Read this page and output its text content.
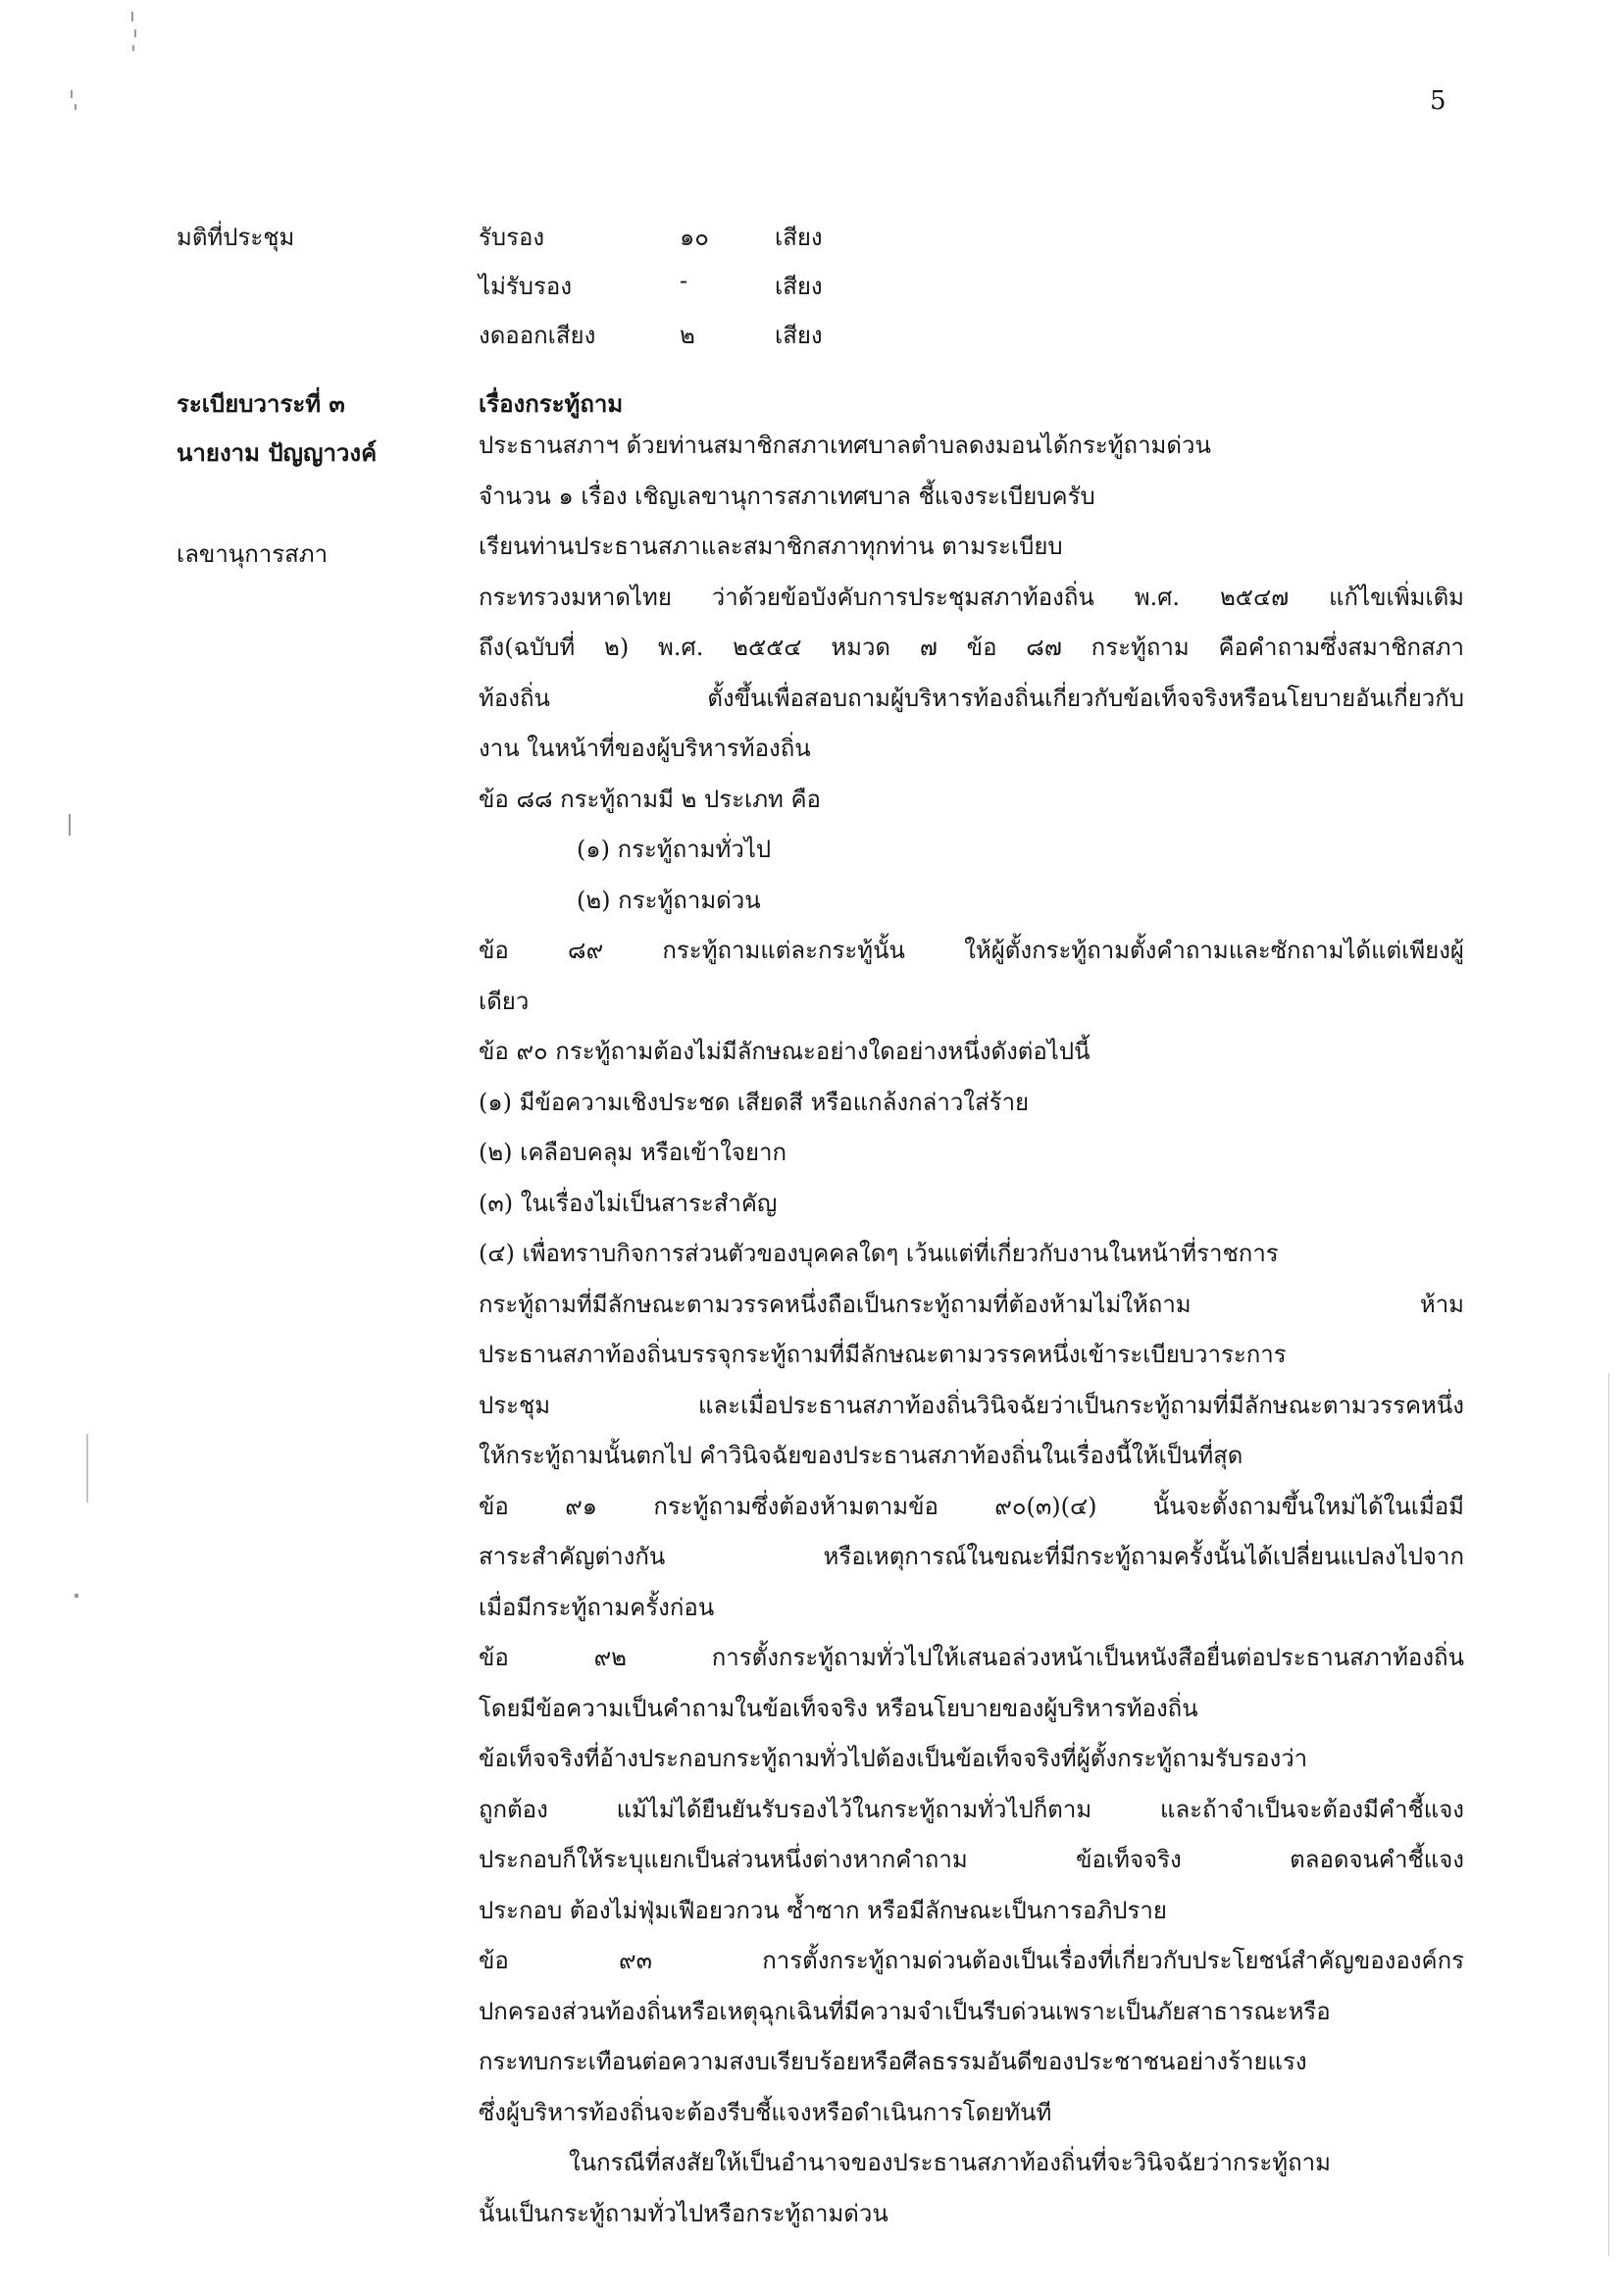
5
มติที่ประชุม	รับรอง	๑๐	เสียง
ไม่รับรอง	-	เสียง
งดออกเสียง	๒	เสียง
ระเบียบวาระที่ ๓	เรื่องกระทู้ถาม
นายงาม ปัญญาวงค์	ประธานสภาฯ ด้วยท่านสมาชิกสภาเทศบาลตำบลดงมอนได้กระทู้ถามด่วน
จำนวน ๑ เรื่อง เชิญเลขานุการสภาเทศบาล ชี้แจงระเบียบครับ
เลขานุการสภา	เรียนท่านประธานสภาและสมาชิกสภาทุกท่าน ตามระเบียบ
กระทรวงมหาดไทย ว่าด้วยข้อบังคับการประชุมสภาท้องถิ่น พ.ศ. ๒๕๔๗ แก้ไขเพิ่มเติม
ถึง(ฉบับที่ ๒) พ.ศ. ๒๕๕๔ หมวด ๗ ข้อ ๘๗ กระทู้ถาม คือคำถามซึ่งสมาชิกสภา
ท้องถิ่น ตั้งขึ้นเพื่อสอบถามผู้บริหารท้องถิ่นเกี่ยวกับข้อเท็จจริงหรือนโยบายอันเกี่ยวกับ
งาน ในหน้าที่ของผู้บริหารท้องถิ่น
ข้อ ๘๘ กระทู้ถามมี ๒ ประเภท คือ
(๑) กระทู้ถามทั่วไป
(๒) กระทู้ถามด่วน
ข้อ ๘๙ กระทู้ถามแต่ละกระทู้นั้น ให้ผู้ตั้งกระทู้ถามตั้งคำถามและซักถามได้แต่เพียงผู้
เดียว
ข้อ ๙๐ กระทู้ถามต้องไม่มีลักษณะอย่างใดอย่างหนึ่งดังต่อไปนี้
(๑) มีข้อความเชิงประชด เสียดสี หรือแกล้งกล่าวใส่ร้าย
(๒) เคลือบคลุม หรือเข้าใจยาก
(๓) ในเรื่องไม่เป็นสาระสำคัญ
(๔) เพื่อทราบกิจการส่วนตัวของบุคคลใดๆ เว้นแต่ที่เกี่ยวกับงานในหน้าที่ราชการ
กระทู้ถามที่มีลักษณะตามวรรคหนึ่งถือเป็นกระทู้ถามที่ต้องห้ามไม่ให้ถาม ห้าม
ประธานสภาท้องถิ่นบรรจุกระทู้ถามที่มีลักษณะตามวรรคหนึ่งเข้าระเบียบวาระการ
ประชุม และเมื่อประธานสภาท้องถิ่นวินิจฉัยว่าเป็นกระทู้ถามที่มีลักษณะตามวรรคหนึ่ง
ให้กระทู้ถามนั้นตกไป คำวินิจฉัยของประธานสภาท้องถิ่นในเรื่องนี้ให้เป็นที่สุด
ข้อ ๙๑ กระทู้ถามซึ่งต้องห้ามตามข้อ ๙๐(๓)(๔) นั้นจะตั้งถามขึ้นใหม่ได้ในเมื่อมี
สาระสำคัญต่างกัน หรือเหตุการณ์ในขณะที่มีกระทู้ถามครั้งนั้นได้เปลี่ยนแปลงไปจาก
เมื่อมีกระทู้ถามครั้งก่อน
ข้อ ๙๒ การตั้งกระทู้ถามทั่วไปให้เสนอล่วงหน้าเป็นหนังสือยื่นต่อประธานสภาท้องถิ่น
โดยมีข้อความเป็นคำถามในข้อเท็จจริง หรือนโยบายของผู้บริหารท้องถิ่น
ข้อเท็จจริงที่อ้างประกอบกระทู้ถามทั่วไปต้องเป็นข้อเท็จจริงที่ผู้ตั้งกระทู้ถามรับรองว่า
ถูกต้อง แม้ไม่ได้ยืนยันรับรองไว้ในกระทู้ถามทั่วไปก็ตาม และถ้าจำเป็นจะต้องมีคำชี้แจง
ประกอบก็ให้ระบุแยกเป็นส่วนหนึ่งต่างหากคำถาม ข้อเท็จจริง ตลอดจนคำชี้แจง
ประกอบ ต้องไม่ฟุ่มเฟือยวกวน ซ้ำซาก หรือมีลักษณะเป็นการอภิปราย
ข้อ ๙๓ การตั้งกระทู้ถามด่วนต้องเป็นเรื่องที่เกี่ยวกับประโยชน์สำคัญขององค์กร
ปกครองส่วนท้องถิ่นหรือเหตุฉุกเฉินที่มีความจำเป็นรีบด่วนเพราะเป็นภัยสาธารณะหรือ
กระทบกระเทือนต่อความสงบเรียบร้อยหรือศีลธรรมอันดีของประชาชนอย่างร้ายแรง
ซึ่งผู้บริหารท้องถิ่นจะต้องรีบชี้แจงหรือดำเนินการโดยทันที
ในกรณีที่สงสัยให้เป็นอำนาจของประธานสภาท้องถิ่นที่จะวินิจฉัยว่ากระทู้ถาม
นั้นเป็นกระทู้ถามทั่วไปหรือกระทู้ถามด่วน
